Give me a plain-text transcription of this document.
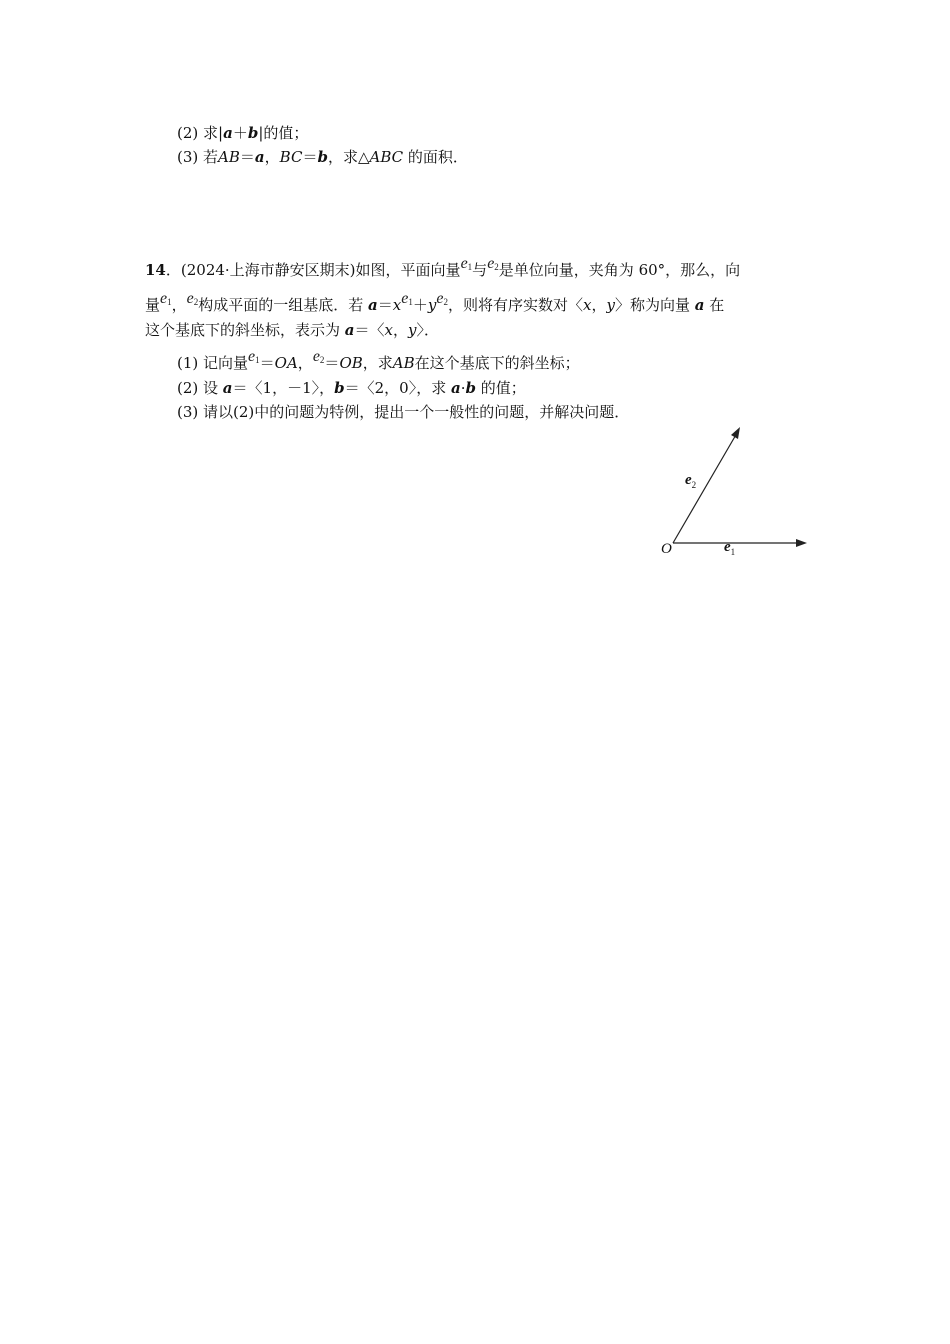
(2) 求|a＋b|的值；
(3) 若AB＝a，BC＝b，求△ABC 的面积．
14．(2024·上海市静安区期末)如图，平面向量$e_1$与$e_2$是单位向量，夹角为 60°，那么，向
量$e_1$，$e_2$构成平面的一组基底．若 $a=xe_1+ye_2$，则将有序实数对〈x，y〉称为向量 a 在
这个基底下的斜坐标，表示为 a＝〈x，y〉．
(1) 记向量$e_1=OA$，$e_2=OB$，求AB在这个基底下的斜坐标；
(2) 设 a＝〈1，－1〉，b＝〈2，0〉，求 a·b 的值；
(3) 请以(2)中的问题为特例，提出一个一般性的问题，并解决问题．
O	$e_1$
$e_2$
